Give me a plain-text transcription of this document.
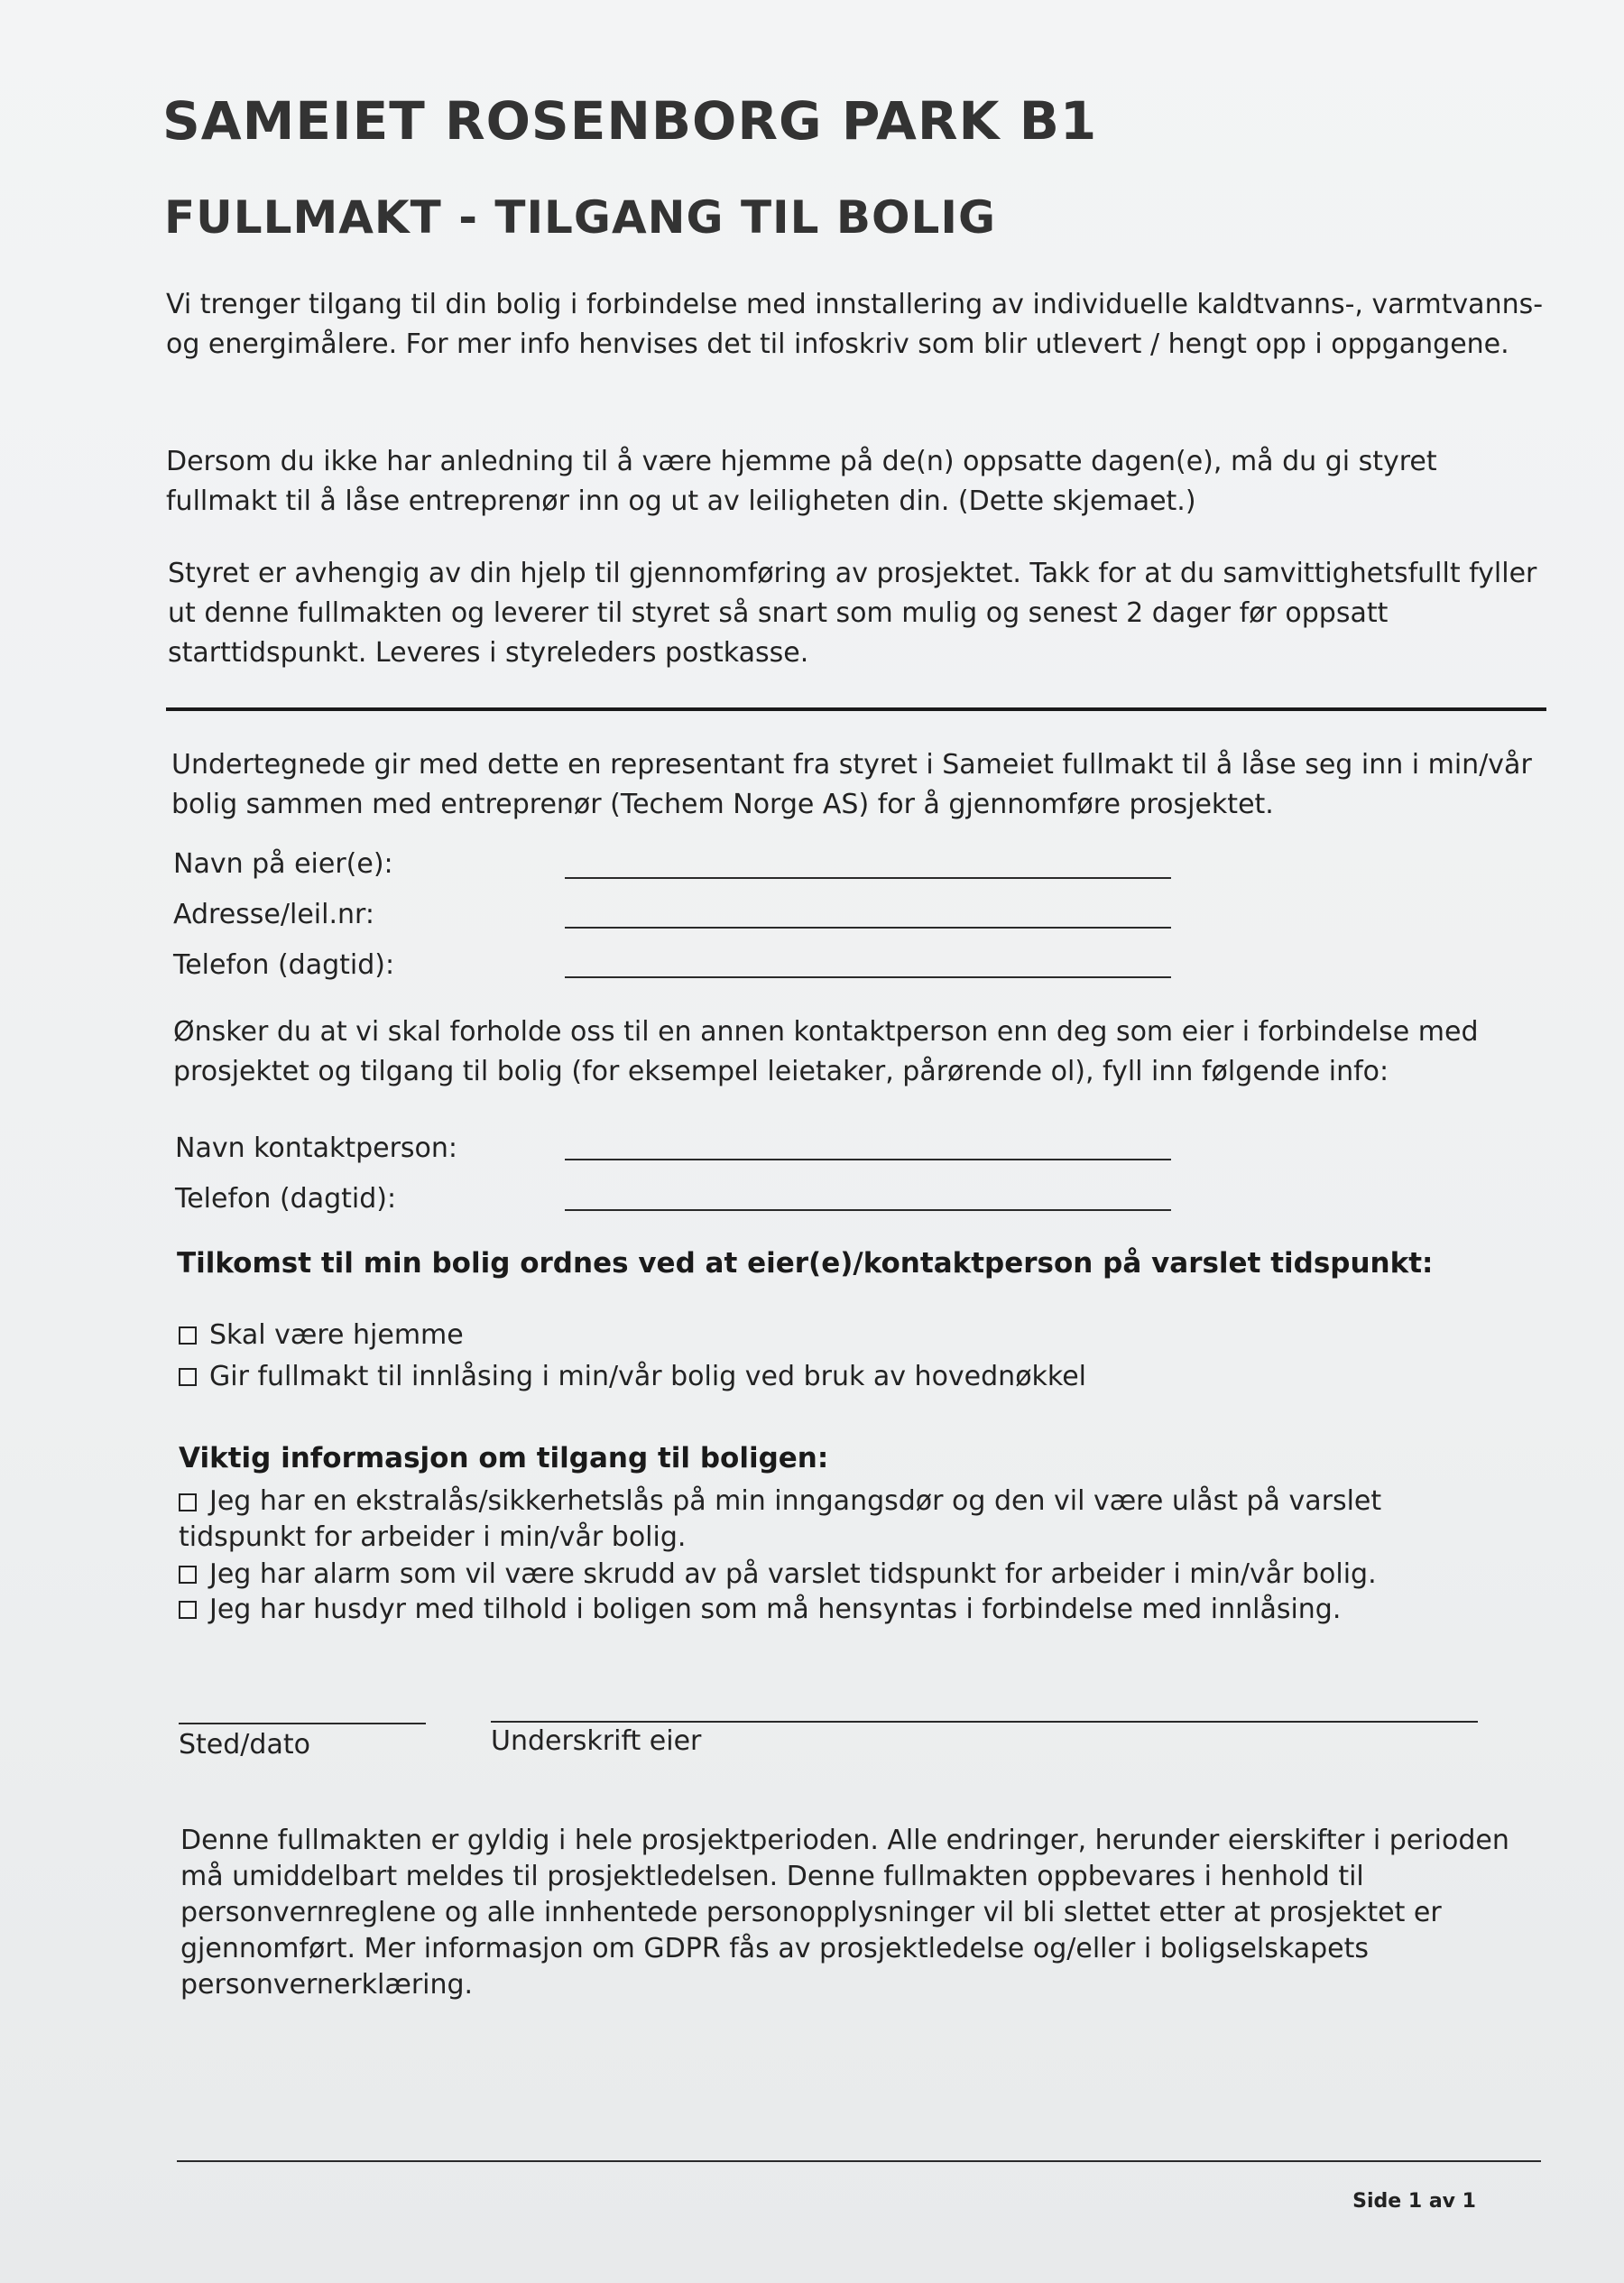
SAMEIET ROSENBORG PARK B1
FULLMAKT - TILGANG TIL BOLIG
Vi trenger tilgang til din bolig i forbindelse med innstallering av individuelle kaldtvanns-, varmtvanns- og energimålere. For mer info henvises det til infoskriv som blir utlevert / hengt opp i oppgangene.
Dersom du ikke har anledning til å være hjemme på de(n) oppsatte dagen(e), må du gi styret fullmakt til å låse entreprenør inn og ut av leiligheten din. (Dette skjemaet.)
Styret er avhengig av din hjelp til gjennomføring av prosjektet. Takk for at du samvittighetsfullt fyller ut denne fullmakten og leverer til styret så snart som mulig og senest 2 dager før oppsatt starttidspunkt. Leveres i styreleders postkasse.
Undertegnede gir med dette en representant fra styret i Sameiet fullmakt til å låse seg inn i min/vår bolig sammen med entreprenør (Techem Norge AS) for å gjennomføre prosjektet.
Navn på eier(e):
Adresse/leil.nr:
Telefon (dagtid):
Ønsker du at vi skal forholde oss til en annen kontaktperson enn deg som eier i forbindelse med prosjektet og tilgang til bolig (for eksempel leietaker, pårørende ol), fyll inn følgende info:
Navn kontaktperson:
Telefon (dagtid):
Tilkomst til min bolig ordnes ved at eier(e)/kontaktperson på varslet tidspunkt:
Skal være hjemme
Gir fullmakt til innlåsing i min/vår bolig ved bruk av hovednøkkel
Viktig informasjon om tilgang til boligen:
Jeg har en ekstralås/sikkerhetslås på min inngangsdør og den vil være ulåst på varslet tidspunkt for arbeider i min/vår bolig.
Jeg har alarm som vil være skrudd av på varslet tidspunkt for arbeider i min/vår bolig.
Jeg har husdyr med tilhold i boligen som må hensyntas i forbindelse med innlåsing.
Sted/dato	Underskrift eier
Denne fullmakten er gyldig i hele prosjektperioden. Alle endringer, herunder eierskifter i perioden må umiddelbart meldes til prosjektledelsen. Denne fullmakten oppbevares i henhold til personvernreglene og alle innhentede personopplysninger vil bli slettet etter at prosjektet er gjennomført. Mer informasjon om GDPR fås av prosjektledelse og/eller i boligselskapets personvernerklæring.
Side 1 av 1
